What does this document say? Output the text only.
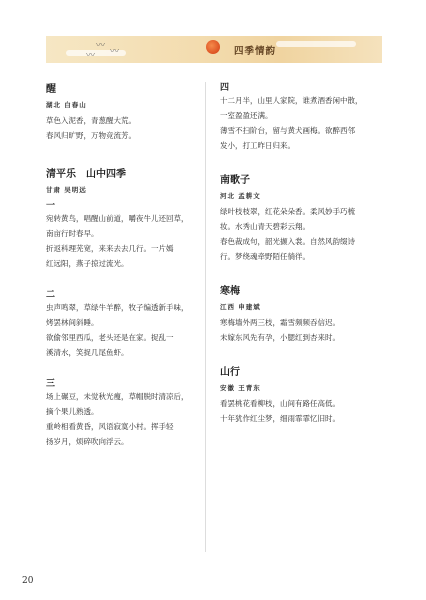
〰
〰
〰	四季情韵

醒

湖北 白春山

草色入泥香，青葱醒大荒。

春风归旷野，万物竞流芳。

清平乐　山中四季

甘肃 吴明远

一

宛转黄鸟，唱醒山前道，嚼夜牛儿还回草，

南亩行时春早。

折返科理芜宽，来来去去几行。一片嫣

红远阳，燕子掠过流光。

二

虫声鸣翠，草绿牛羊醉，牧子编透新手味，

烤罢林间斜睡。

欲偷邻里西瓜，老头还是在家。捉乱一

溪清水，笑捉几尾鱼虾。

三

场上碾豆，未觉秋光瘦，草帽脱时清凉后，

摘个果儿熟透。

重岭相看黄昏，风语寂寞小村。挥手轻

扬岁月，烦碎吹向浮云。

四

十二月半，山里人家院，谁煮酒香闲中散，

一室盈盈还满。

薄雪不扫阶台，留与黄犬画梅。欲醉西邻

发小，打工昨日归来。

南歌子

河北 孟耕文

绿叶枝枝翠，红花朵朵香。柔风妙手巧梳

妆。水秀山青天碧彩云翔。

春色裁成句，韶光撷入裳。自然风韵缀诗

行。梦绕魂牵野陌任徜徉。

寒梅

江西 申建斌

寒梅墙外两三枝，霜雪频频吞信迟。

未嫁东风先有孕，小腮红到杏来时。

山行

安徽 王青东

看罢桃花看柳枝，山间有路任高低。

十年犹作红尘梦，细雨霏霏忆旧时。

20
